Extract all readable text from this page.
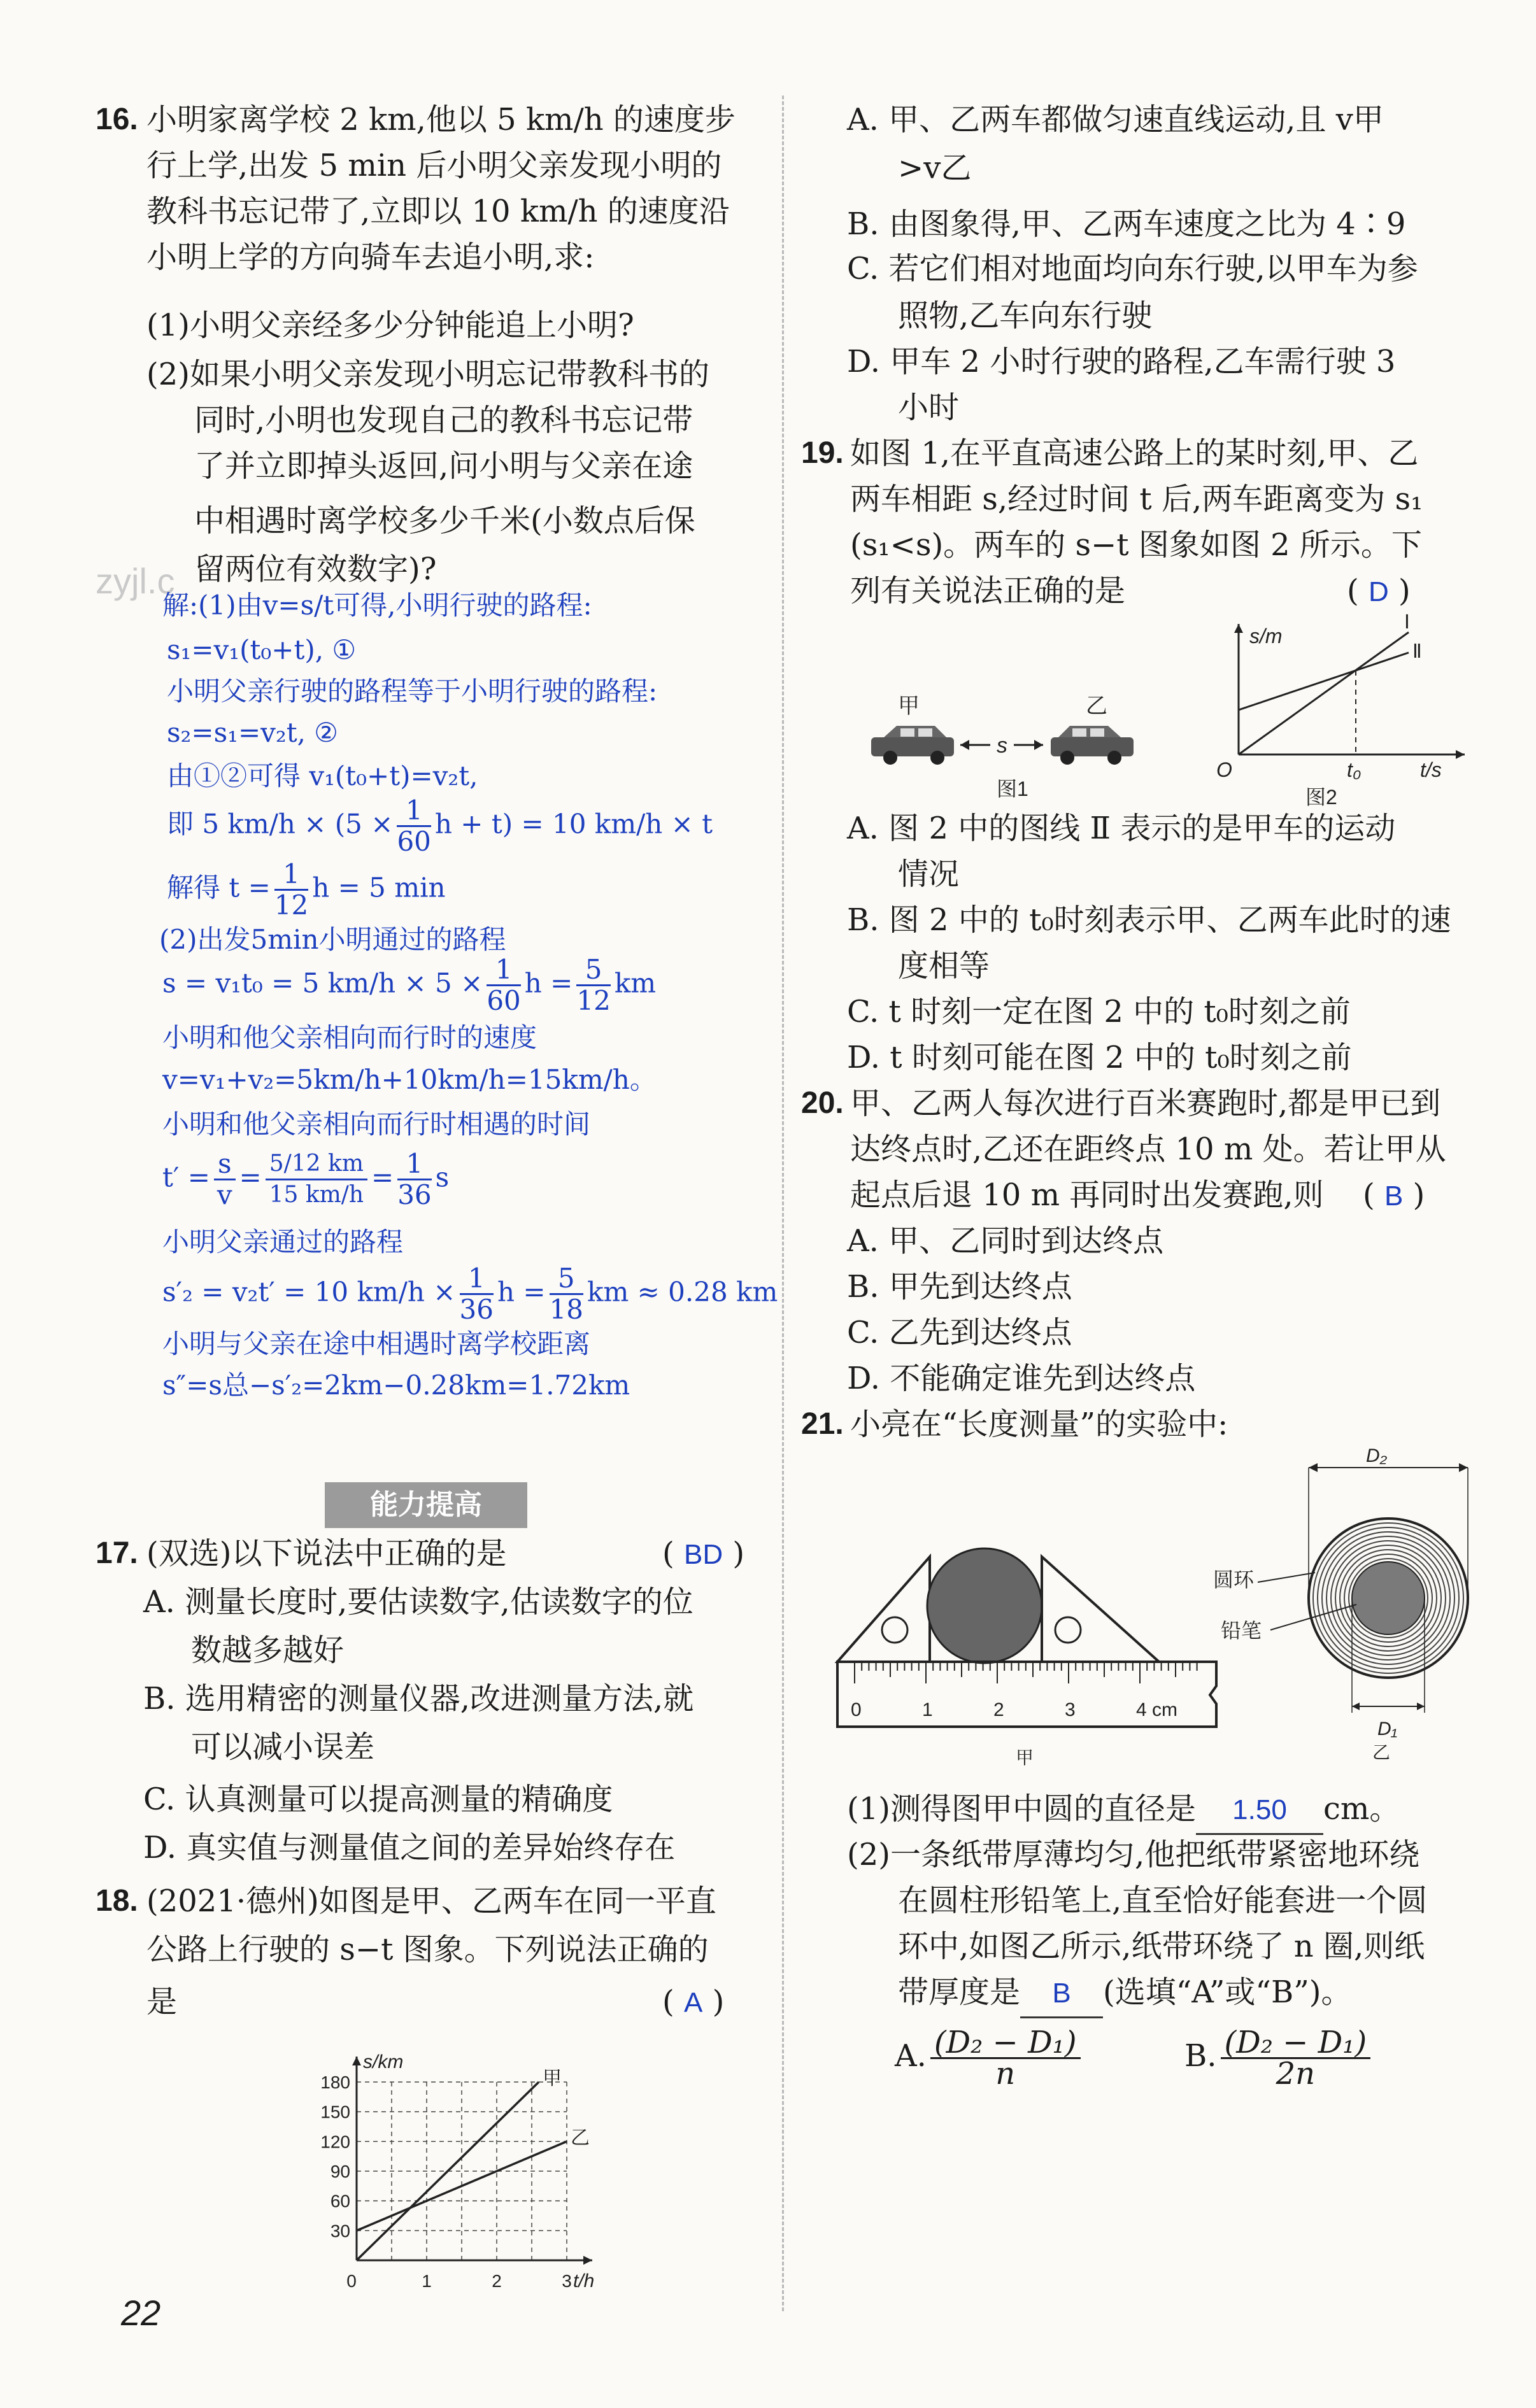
16. 小明家离学校 2 km,他以 5 km/h 的速度步
行上学,出发 5 min 后小明父亲发现小明的
教科书忘记带了,立即以 10 km/h 的速度沿
小明上学的方向骑车去追小明,求:
(1)小明父亲经多少分钟能追上小明?
(2)如果小明父亲发现小明忘记带教科书的
同时,小明也发现自己的教科书忘记带
了并立即掉头返回,问小明与父亲在途
中相遇时离学校多少千米(小数点后保
留两位有效数字)?
zyjl.c
解:(1)由v=s/t可得,小明行驶的路程:
s₁=v₁(t₀+t), ①
小明父亲行驶的路程等于小明行驶的路程:
s₂=s₁=v₂t, ②
由①②可得 v₁(t₀+t)=v₂t,
即 5 $km/h \times (5 \times \frac{1}{60}$ h + t) = 10 km/h × t
解得 $t = \frac{1}{12}$ h = 5 min
(2)出发5min小明通过的路程
s = v₁t₀ = 5 $km/h \times 5 \times \frac{1}{60}$ $h = \frac{5}{12}$ km
小明和他父亲相向而行时的速度
v=v₁+v₂=5km/h+10km/h=15km/h。
小明和他父亲相向而行时相遇的时间
$t' = \frac{s}{v} = \frac{5/12 km}{15 km/h} = \frac{1}{36}$ s
小明父亲通过的路程
s′₂ = v₂t′ = 10 $km/h \times \frac{1}{36}$ $h = \frac{5}{18}$ km ≈ 0.28 km
小明与父亲在途中相遇时离学校距离
s″=s总−s′₂=2km−0.28km=1.72km
能力提高
17. (双选)以下说法中正确的是	( BD )
A. 测量长度时,要估读数字,估读数字的位
数越多越好
B. 选用精密的测量仪器,改进测量方法,就
可以减小误差
C. 认真测量可以提高测量的精确度
D. 真实值与测量值之间的差异始终存在
18. (2021·德州)如图是甲、乙两车在同一平直
公路上行驶的 s−t 图象。下列说法正确的
是	( A )
s/km
t/h
30
60
90
120
150
180
0	1	2	3
甲
乙
A. 甲、乙两车都做匀速直线运动,且 v甲
>v乙
B. 由图象得,甲、乙两车速度之比为 4∶9
C. 若它们相对地面均向东行驶,以甲车为参
照物,乙车向东行驶
D. 甲车 2 小时行驶的路程,乙车需行驶 3
小时
19. 如图 1,在平直高速公路上的某时刻,甲、乙
两车相距 s,经过时间 t 后,两车距离变为 s₁
(s₁<s)。两车的 s−t 图象如图 2 所示。下
列有关说法正确的是	( D )
甲	乙
s
图1
s/m
O	t/s
t₀
Ⅰ
Ⅱ
图2
A. 图 2 中的图线 Ⅱ 表示的是甲车的运动
情况
B. 图 2 中的 t₀时刻表示甲、乙两车此时的速
度相等
C. t 时刻一定在图 2 中的 t₀时刻之前
D. t 时刻可能在图 2 中的 t₀时刻之前
20. 甲、乙两人每次进行百米赛跑时,都是甲已到
达终点时,乙还在距终点 10 m 处。若让甲从
起点后退 10 m 再同时出发赛跑,则 ( B )
A. 甲、乙同时到达终点
B. 甲先到达终点
C. 乙先到达终点
D. 不能确定谁先到达终点
21. 小亮在“长度测量”的实验中:
0	1	2	3	4 cm
甲
D₂
圆环
铅笔
D₁
乙
(1)测得图甲中圆的直径是 1.50 cm。
(2)一条纸带厚薄均匀,他把纸带紧密地环绕
在圆柱形铅笔上,直至恰好能套进一个圆
环中,如图乙所示,纸带环绕了 n 圈,则纸
带厚度是 B (选填“A”或“B”)。
A. $\frac{\text{(D₂ − D₁)}}{n}$	B. $\frac{\text{(D₂ − D₁)}}{2n}$
22
